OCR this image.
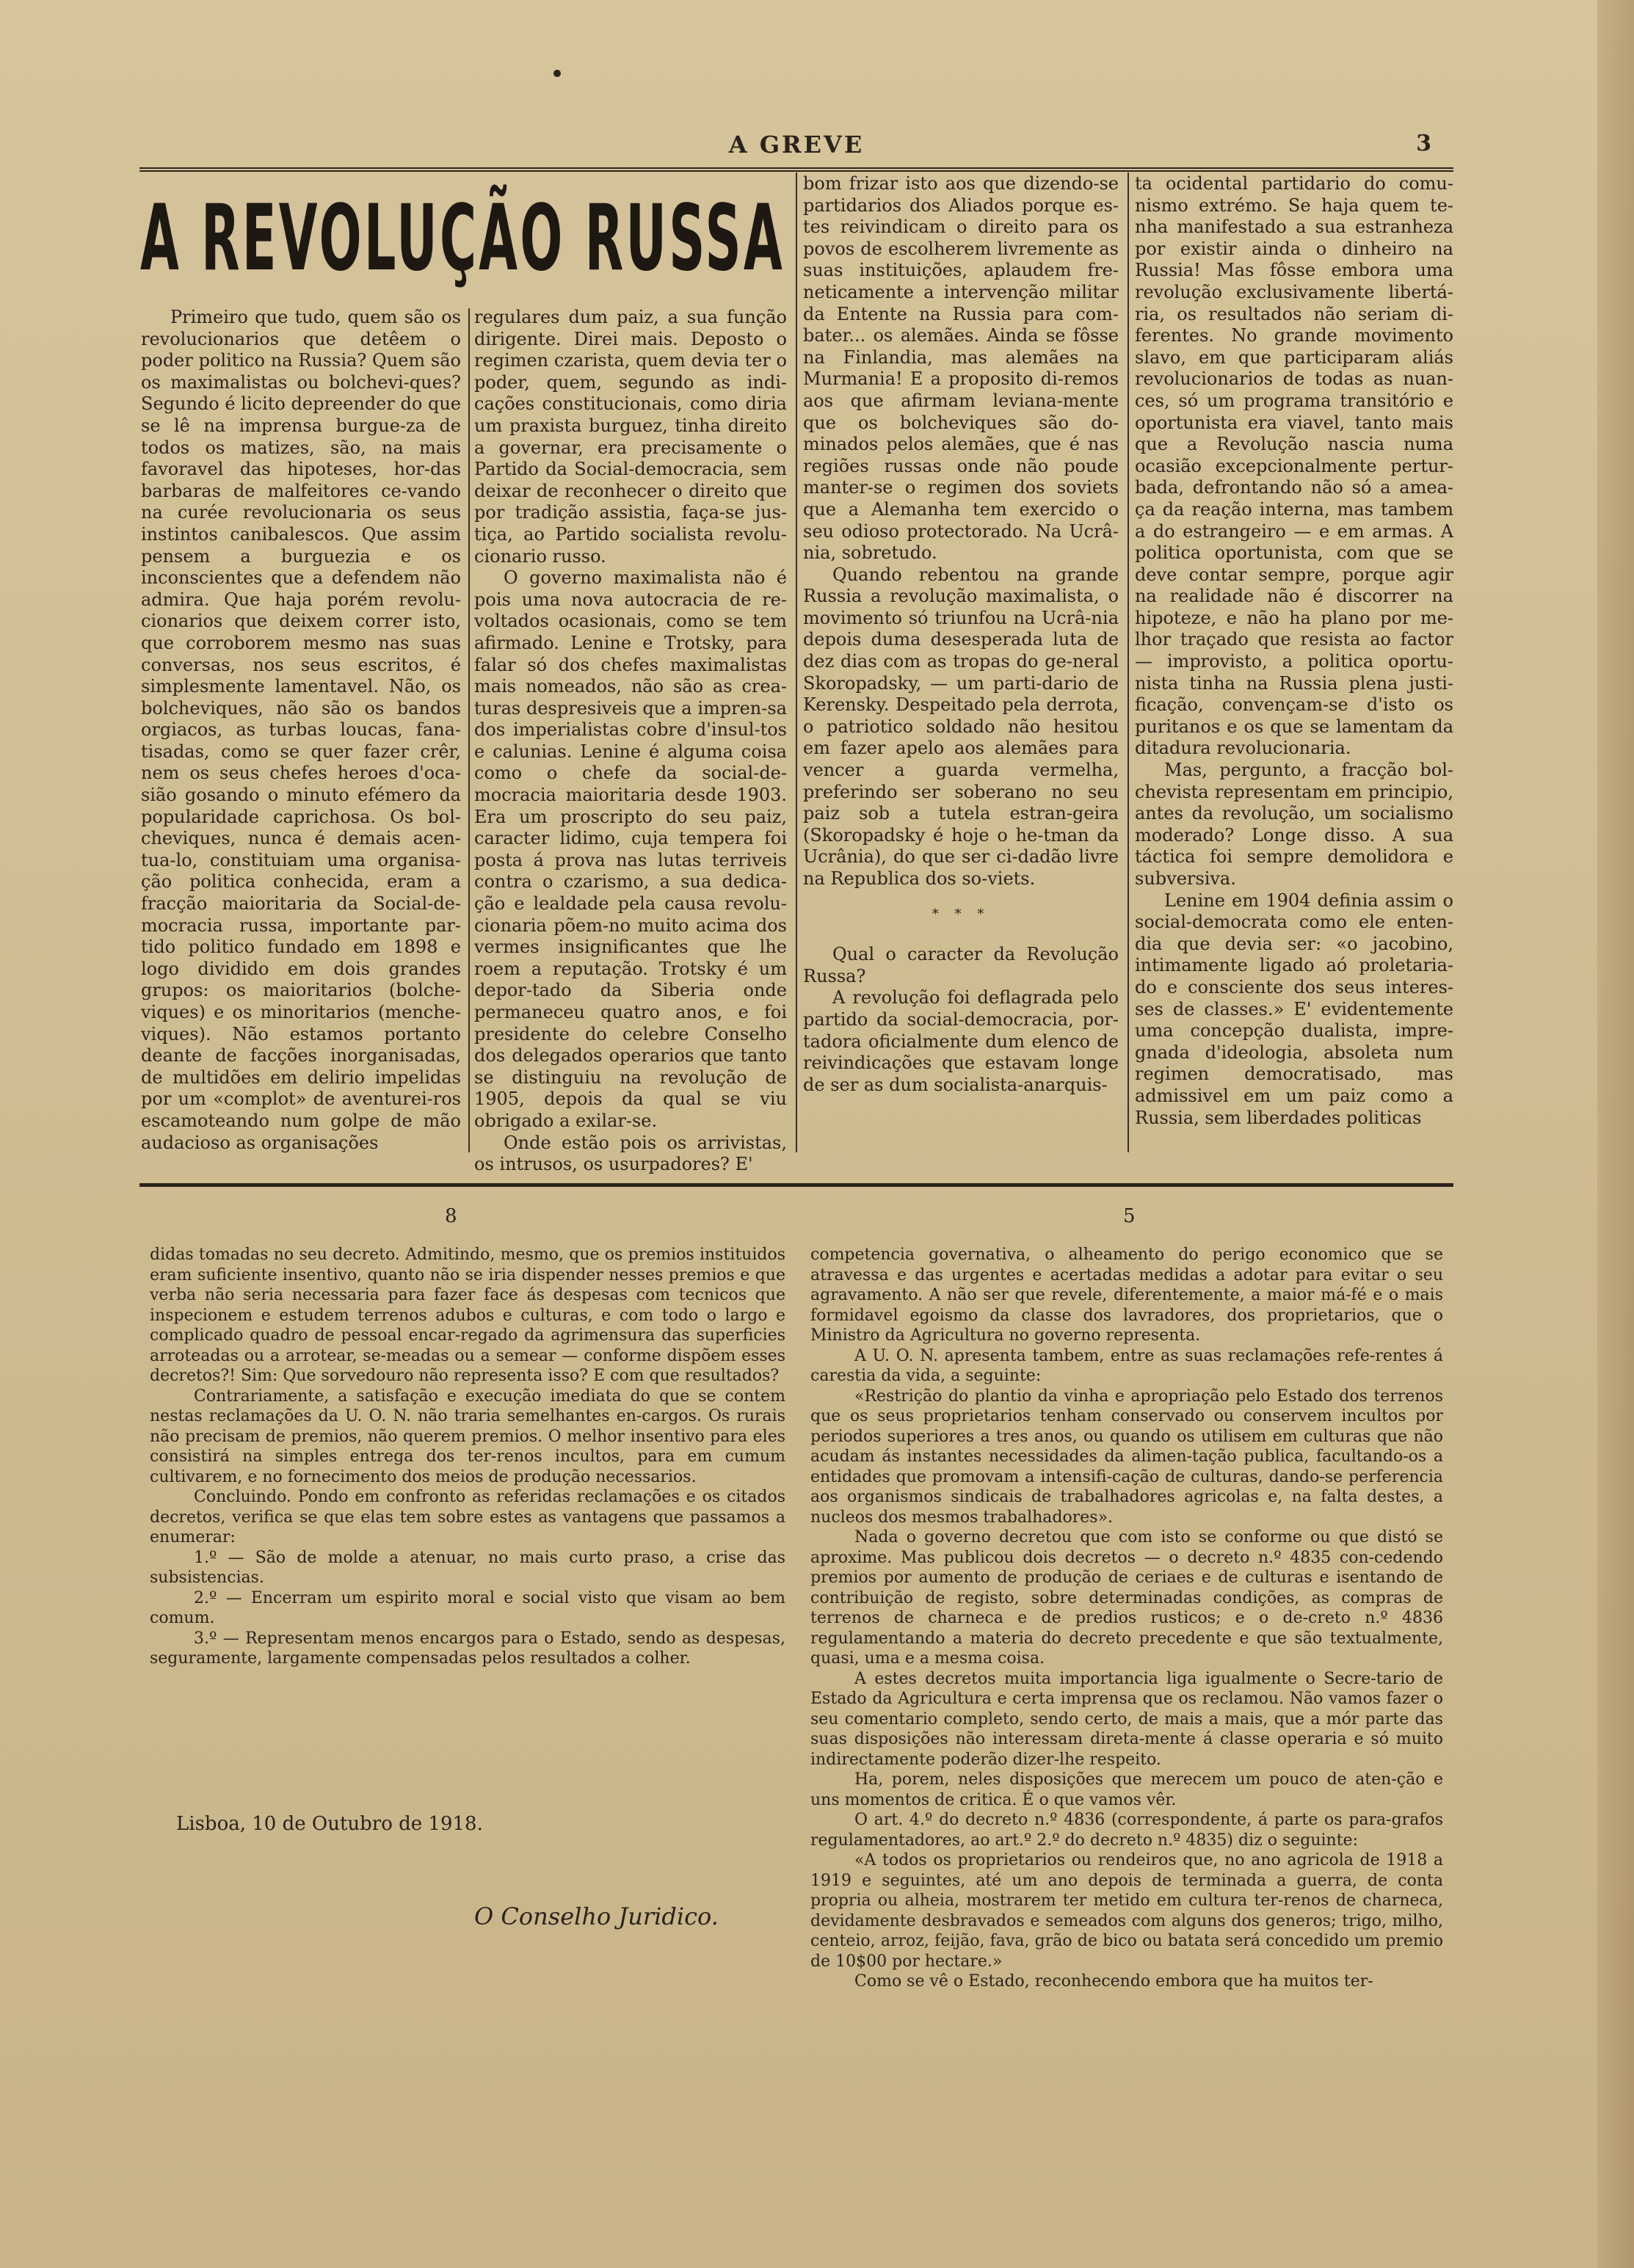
A GREVE	3
A REVOLUÇÃO RUSSA

Primeiro que tudo, quem são os revolucionarios que detêem o poder politico na Russia? Quem são os maximalistas ou bolchevi-ques? Segundo é licito depreender do que se lê na imprensa burgue-za de todos os matizes, são, na mais favoravel das hipoteses, hor-das barbaras de malfeitores ce-vando na curée revolucionaria os seus instintos canibalescos. Que assim pensem a burguezia e os inconscientes que a defendem não admira. Que haja porém revolu-cionarios que deixem correr isto, que corroborem mesmo nas suas conversas, nos seus escritos, é simplesmente lamentavel. Não, os bolcheviques, não são os bandos orgiacos, as turbas loucas, fana-tisadas, como se quer fazer crêr, nem os seus chefes heroes d'oca-sião gosando o minuto efémero da popularidade caprichosa. Os bol-cheviques, nunca é demais acen-tua-lo, constituiam uma organisa-ção politica conhecida, eram a fracção maioritaria da Social-de-mocracia russa, importante par-tido politico fundado em 1898 e logo dividido em dois grandes grupos: os maioritarios (bolche-viques) e os minoritarios (menche-viques). Não estamos portanto deante de facções inorganisadas, de multidões em delirio impelidas por um «complot» de aventurei-ros escamoteando num golpe de mão audacioso as organisações

regulares dum paiz, a sua função dirigente. Direi mais. Deposto o regimen czarista, quem devia ter o poder, quem, segundo as indi-cações constitucionais, como diria um praxista burguez, tinha direito a governar, era precisamente o Partido da Social-democracia, sem deixar de reconhecer o direito que por tradição assistia, faça-se jus-tiça, ao Partido socialista revolu-cionario russo.

O governo maximalista não é pois uma nova autocracia de re-voltados ocasionais, como se tem afirmado. Lenine e Trotsky, para falar só dos chefes maximalistas mais nomeados, não são as crea-turas despresiveis que a impren-sa dos imperialistas cobre d'insul-tos e calunias. Lenine é alguma coisa como o chefe da social-de-mocracia maioritaria desde 1903. Era um proscripto do seu paiz, caracter lidimo, cuja tempera foi posta á prova nas lutas terriveis contra o czarismo, a sua dedica-ção e lealdade pela causa revolu-cionaria põem-no muito acima dos vermes insignificantes que lhe roem a reputação. Trotsky é um depor-tado da Siberia onde permaneceu quatro anos, e foi presidente do celebre Conselho dos delegados operarios que tanto se distinguiu na revolução de 1905, depois da qual se viu obrigado a exilar-se.

Onde estão pois os arrivistas, os intrusos, os usurpadores? E'

bom frizar isto aos que dizendo-se partidarios dos Aliados porque es-tes reivindicam o direito para os povos de escolherem livremente as suas instituições, aplaudem fre-neticamente a intervenção militar da Entente na Russia para com-bater... os alemães. Ainda se fôsse na Finlandia, mas alemães na Murmania! E a proposito di-remos aos que afirmam levianа-mente que os bolcheviques são do-minados pelos alemães, que é nas regiões russas onde não poude manter-se o regimen dos soviets que a Alemanha tem exercido o seu odioso protectorado. Na Ucrâ-nia, sobretudo.

Quando rebentou na grande Russia a revolução maximalista, o movimento só triunfou na Ucrâ-nia depois duma desesperada luta de dez dias com as tropas do ge-neral Skoropadsky, — um parti-dario de Kerensky. Despeitado pela derrota, o patriotico soldado não hesitou em fazer apelo aos alemães para vencer a guarda vermelha, preferindo ser soberano no seu paiz sob a tutela estran-geira (Skoropadsky é hoje o he-tman da Ucrânia), do que ser ci-dadão livre na Republica dos so-viets.

* * *

Qual o caracter da Revolução Russa?

A revolução foi deflagrada pelo partido da social-democracia, por-tadora oficialmente dum elenco de reivindicações que estavam longe de ser as dum socialista-anarquis-

ta ocidental partidario do comu-nismo extrémo. Se haja quem te-nha manifestado a sua estranheza por existir ainda o dinheiro na Russia! Mas fôsse embora uma revolução exclusivamente libertá-ria, os resultados não seriam di-ferentes. No grande movimento slavo, em que participaram aliás revolucionarios de todas as nuan-ces, só um programa transitório e oportunista era viavel, tanto mais que a Revolução nascia numa ocasião excepcionalmente pertur-bada, defrontando não só a amea-ça da reação interna, mas tambem a do estrangeiro — e em armas. A politica oportunista, com que se deve contar sempre, porque agir na realidade não é discorrer na hipoteze, e não ha plano por me-lhor traçado que resista ao factor — improvisto, a politica oportu-nista tinha na Russia plena justi-ficação, convençam-se d'isto os puritanos e os que se lamentam da ditadura revolucionaria.

Mas, pergunto, a fracção bol-chevista representam em principio, antes da revolução, um socialismo moderado? Longe disso. A sua táctica foi sempre demolidora e subversiva.

Lenine em 1904 definia assim o social-democrata como ele enten-dia que devia ser: «o jacobino, intimamente ligado aó proletaria-do e consciente dos seus interes-ses de classes.» E' evidentemente uma concepção dualista, impre-gnada d'ideologia, absoleta num regimen democratisado, mas admissivel em um paiz como a Russia, sem liberdades politicas

8	5

didas tomadas no seu decreto. Admitindo, mesmo, que os premios instituidos eram suficiente insentivo, quanto não se iria dispender nesses premios e que verba não seria necessaria para fazer face ás despesas com tecnicos que inspecionem e estudem terrenos adubos e culturas, e com todo o largo e complicado quadro de pessoal encar-regado da agrimensura das superficies arroteadas ou a arrotear, se-meadas ou a semear — conforme dispõem esses decretos?! Sim: Que sorvedouro não representa isso? E com que resultados?

Contrariamente, a satisfação e execução imediata do que se contem nestas reclamações da U. O. N. não traria semelhantes en-cargos. Os rurais não precisam de premios, não querem premios. O melhor insentivo para eles consistirá na simples entrega dos ter-renos incultos, para em cumum cultivarem, e no fornecimento dos meios de produção necessarios.

Concluindo. Pondo em confronto as referidas reclamações e os citados decretos, verifica se que elas tem sobre estes as vantagens que passamos a enumerar:

1.º — São de molde a atenuar, no mais curto praso, a crise das subsistencias.

2.º — Encerram um espirito moral e social visto que visam ao bem comum.

3.º — Representam menos encargos para o Estado, sendo as despesas, seguramente, largamente compensadas pelos resultados a colher.

Lisboa, 10 de Outubro de 1918.
O Conselho Juridico.

competencia governativa, o alheamento do perigo economico que se atravessa e das urgentes e acertadas medidas a adotar para evitar o seu agravamento. A não ser que revele, diferentemente, a maior má-fé e o mais formidavel egoismo da classe dos lavradores, dos proprietarios, que o Ministro da Agricultura no governo representa.

A U. O. N. apresenta tambem, entre as suas reclamações refe-rentes á carestia da vida, a seguinte:

«Restrição do plantio da vinha e apropriação pelo Estado dos terrenos que os seus proprietarios tenham conservado ou conservem incultos por periodos superiores a tres anos, ou quando os utilisem em culturas que não acudam ás instantes necessidades da alimen-tação publica, facultando-os a entidades que promovam a intensifi-cação de culturas, dando-se perferencia aos organismos sindicais de trabalhadores agricolas e, na falta destes, a nucleos dos mesmos trabalhadores».

Nada o governo decretou que com isto se conforme ou que distó se aproxime. Mas publicou dois decretos — o decreto n.º 4835 con-cedendo premios por aumento de produção de ceriaes e de culturas e isentando de contribuição de registo, sobre determinadas condições, as compras de terrenos de charneca e de predios rusticos; e o de-creto n.º 4836 regulamentando a materia do decreto precedente e que são textualmente, quasi, uma e a mesma coisa.

A estes decretos muita importancia liga igualmente o Secre-tario de Estado da Agricultura e certa imprensa que os reclamou. Não vamos fazer o seu comentario completo, sendo certo, de mais a mais, que a mór parte das suas disposições não interessam direta-mente á classe operaria e só muito indirectamente poderão dizer-lhe respeito.

Ha, porem, neles disposições que merecem um pouco de aten-ção e uns momentos de critica. É o que vamos vêr.

O art. 4.º do decreto n.º 4836 (correspondente, á parte os para-grafos regulamentadores, ao art.º 2.º do decreto n.º 4835) diz o seguinte:

«A todos os proprietarios ou rendeiros que, no ano agricola de 1918 a 1919 e seguintes, até um ano depois de terminada a guerra, de conta propria ou alheia, mostrarem ter metido em cultura ter-renos de charneca, devidamente desbravados e semeados com alguns dos generos; trigo, milho, centeio, arroz, feijão, fava, grão de bico ou batata será concedido um premio de 10$00 por hectare.»

Como se vê o Estado, reconhecendo embora que ha muitos ter-
